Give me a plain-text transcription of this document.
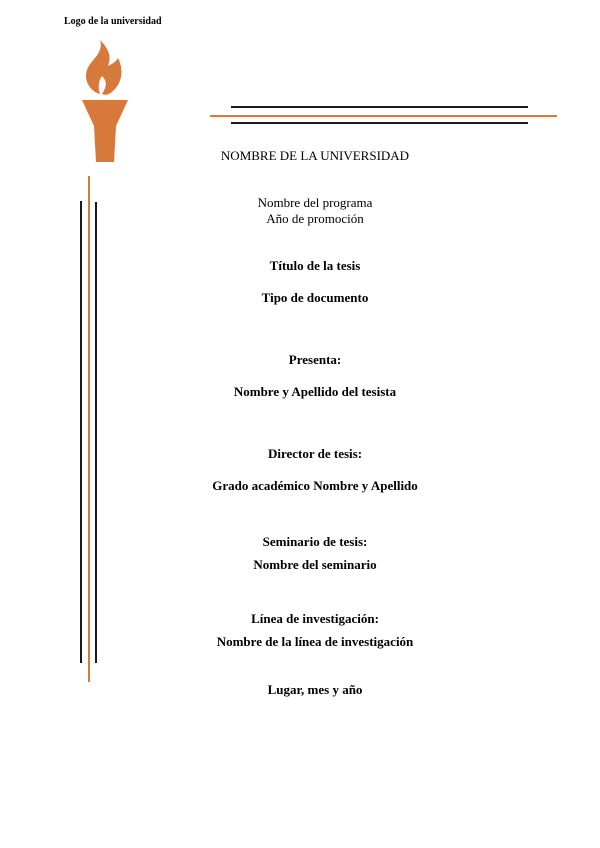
Logo de la universidad
NOMBRE DE LA UNIVERSIDAD
Nombre del programa
Año de promoción
Título de la tesis
Tipo de documento
Presenta:
Nombre y Apellido del tesista
Director de tesis:
Grado académico Nombre y Apellido
Seminario de tesis:
Nombre del seminario
Línea de investigación:
Nombre de la línea de investigación
Lugar, mes y año
